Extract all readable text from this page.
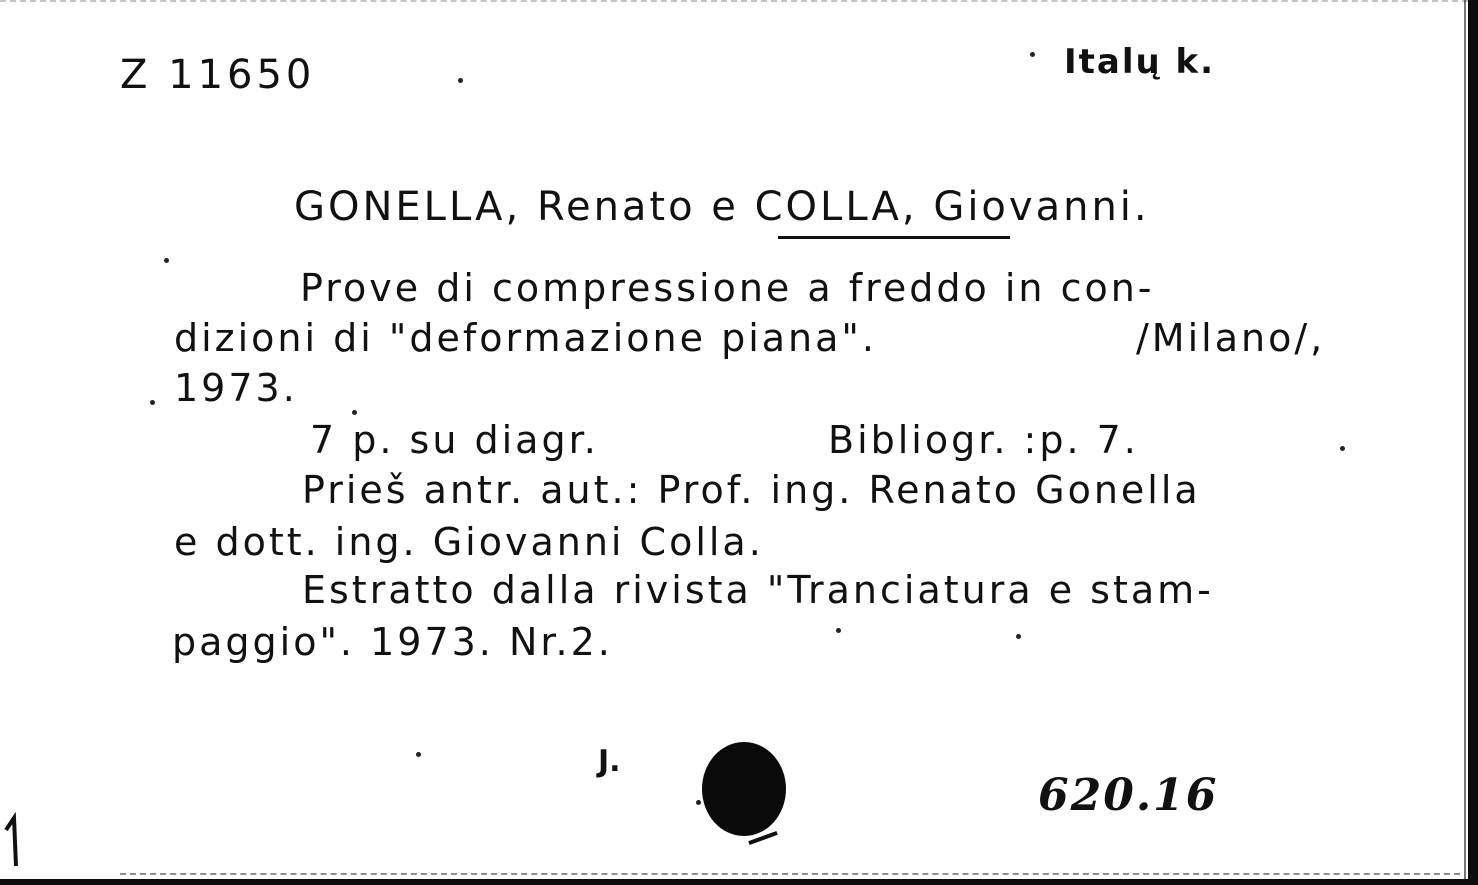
Z 11650	Italų k.
GONELLA, Renato e COLLA, Giovanni.
Prove di compressione a freddo in con-
dizioni di "deformazione piana".	/Milano/,
1973.
7 p. su diagr.	Bibliogr. :p. 7.
Prieš antr. aut.: Prof. ing. Renato Gonella
e dott. ing. Giovanni Colla.
Estratto dalla rivista "Tranciatura e stam-
paggio". 1973. Nr.2.
J.
620.16
